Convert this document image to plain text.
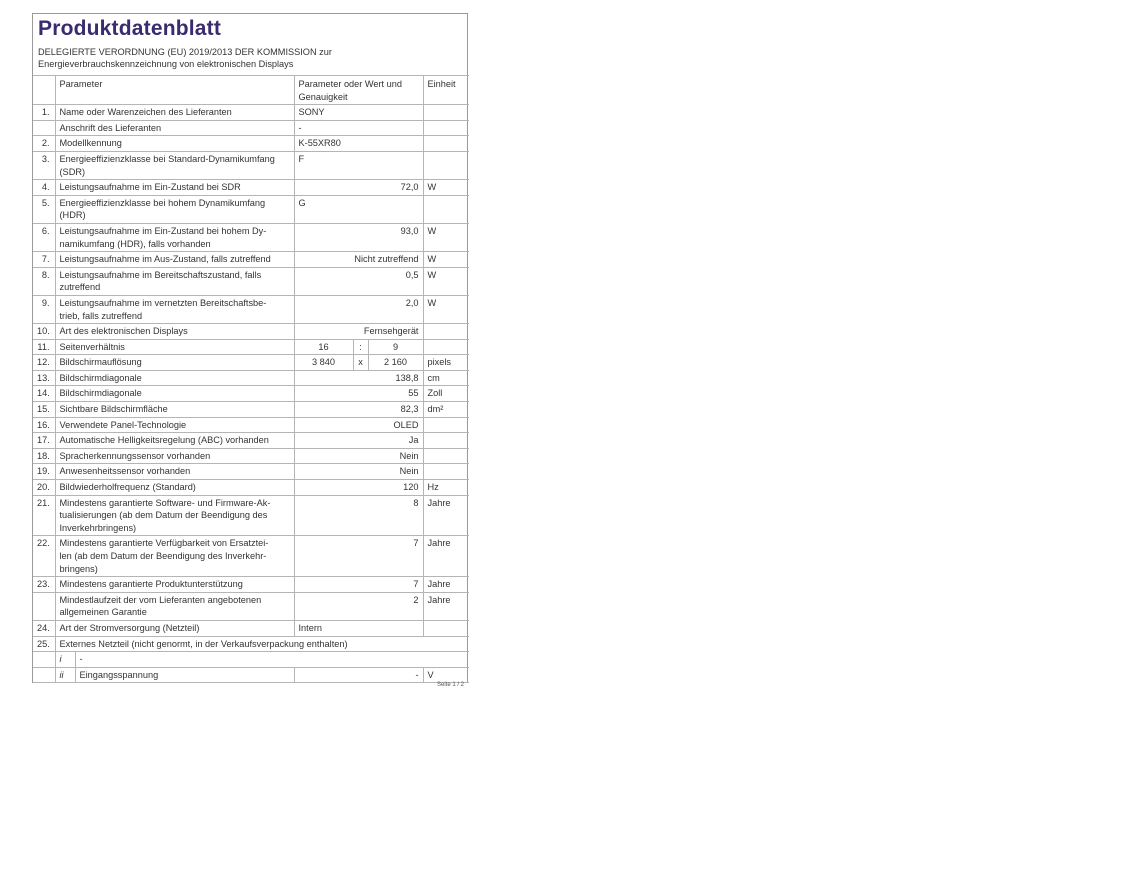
Produktdatenblatt
DELEGIERTE VERORDNUNG (EU) 2019/2013 DER KOMMISSION zur
Energieverbrauchskennzeichnung von elektronischen Displays
	Parameter		Parameter oder Wert und
Genauigkeit			Einheit
1.	Name oder Warenzeichen des Lieferanten		SONY			
	Anschrift des Lieferanten		-			
2.	Modellkennung		K-55XR80			
3.	Energieeffizienzklasse bei Standard-Dynamikumfang
(SDR)		F			
4.	Leistungsaufnahme im Ein-Zustand bei SDR		72,0			W
5.	Energieeffizienzklasse bei hohem Dynamikumfang
(HDR)		G			
6.	Leistungsaufnahme im Ein-Zustand bei hohem Dy-
namikumfang (HDR), falls vorhanden		93,0			W
7.	Leistungsaufnahme im Aus-Zustand, falls zutreffend		Nicht zutreffend			W
8.	Leistungsaufnahme im Bereitschaftszustand, falls
zutreffend		0,5			W
9.	Leistungsaufnahme im vernetzten Bereitschaftsbe-
trieb, falls zutreffend		2,0			W
10.	Art des elektronischen Displays		Fernsehgerät			
11.	Seitenverhältnis		16	:	9	
12.	Bildschirmauflösung		3 840	x	2 160	pixels
13.	Bildschirmdiagonale		138,8			cm
14.	Bildschirmdiagonale		55			Zoll
15.	Sichtbare Bildschirmfläche		82,3			dm²
16.	Verwendete Panel-Technologie		OLED			
17.	Automatische Helligkeitsregelung (ABC) vorhanden		Ja			
18.	Spracherkennungssensor vorhanden		Nein			
19.	Anwesenheitssensor vorhanden		Nein			
20.	Bildwiederholfrequenz (Standard)		120			Hz
21.	Mindestens garantierte Software- und Firmware-Ak-
tualisierungen (ab dem Datum der Beendigung des
Inverkehrbringens)		8			Jahre
22.	Mindestens garantierte Verfügbarkeit von Ersatztei-
len (ab dem Datum der Beendigung des Inverkehr-
bringens)		7			Jahre
23.	Mindestens garantierte Produktunterstützung		7			Jahre
	Mindestlaufzeit der vom Lieferanten angebotenen
allgemeinen Garantie		2			Jahre
24.	Art der Stromversorgung (Netzteil)		Intern			
25.	Externes Netzteil (nicht genormt, in der Verkaufsverpackung enthalten)					
	i	-				
	ii	Eingangsspannung	-			V
Seite 1 / 2
